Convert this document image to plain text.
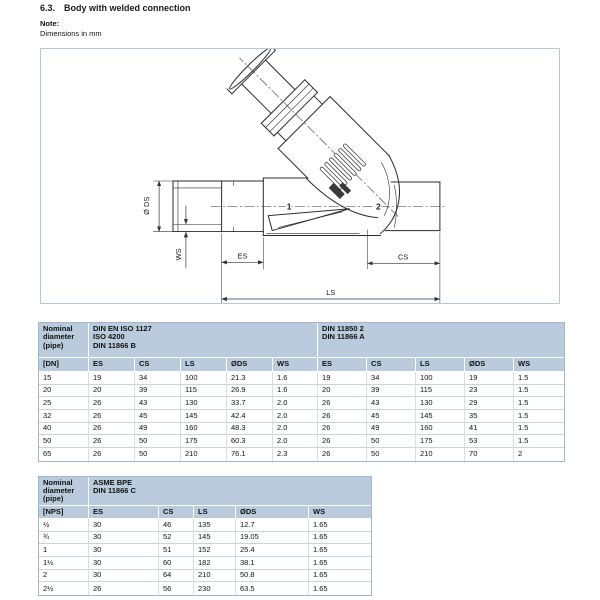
6.3. Body with welded connection
Note:
Dimensions in mm
Ø DS
WS	ES	CS
LS
1	2
Nominal
diameter
(pipe)	DIN EN ISO 1127
ISO 4200
DIN 11866 B					DIN 11850 2
DIN 11866 A				

[DN]	ES	CS	LS	ØDS	WS	ES	CS	LS	ØDS	WS
15	19	34	100	21.3	1.6	19	34	100	19	1.5
20	20	39	115	26.9	1.6	20	39	115	23	1.5
25	26	43	130	33.7	2.0	26	43	130	29	1.5
32	26	45	145	42.4	2.0	26	45	145	35	1.5
40	26	49	160	48.3	2.0	26	49	160	41	1.5
50	26	50	175	60.3	2.0	26	50	175	53	1.5
65	26	50	210	76.1	2.3	26	50	210	70	2
Nominal
diameter
(pipe)	ASME BPE
DIN 11866 C				

[NPS]	ES	CS	LS	ØDS	WS
½	30	46	135	12.7	1.65
¾	30	52	145	19.05	1.65
1	30	51	152	25.4	1.65
1½	30	60	182	38.1	1.65
2	30	64	210	50.8	1.65
2½	26	56	230	63.5	1.65
